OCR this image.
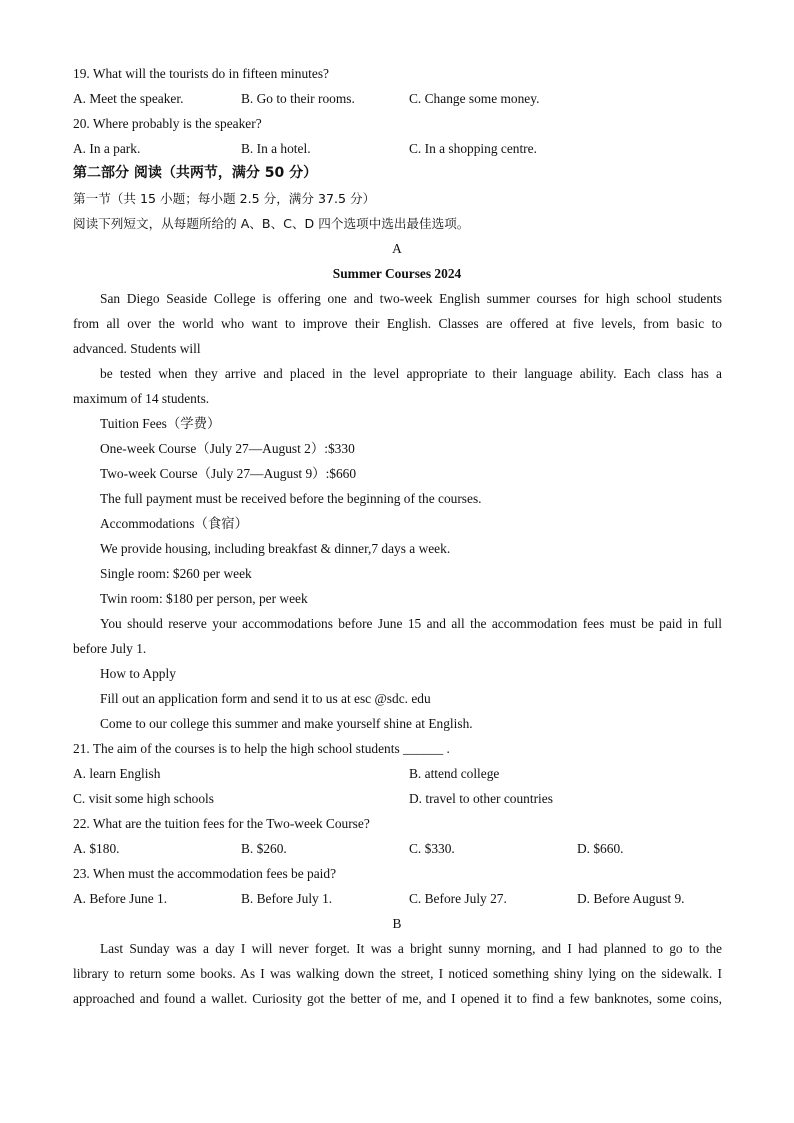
19. What will the tourists do in fifteen minutes?
A. Meet the speaker.	B. Go to their rooms.	C. Change some money.
20. Where probably is the speaker?
A. In a park.	B. In a hotel.	C. In a shopping centre.
第二部分 阅读（共两节，满分 50 分）
第一节（共 15 小题；每小题 2.5 分，满分 37.5 分）
阅读下列短文，从每题所给的 A、B、C、D 四个选项中选出最佳选项。
A
Summer Courses 2024
San Diego Seaside College is offering one and two-week English summer courses for high school students
from all over the world who want to improve their English. Classes are offered at five levels, from basic to
advanced. Students will
be tested when they arrive and placed in the level appropriate to their language ability. Each class has a
maximum of 14 students.
Tuition Fees（学费）
One-week Course（July 27—August 2）:$330
Two-week Course（July 27—August 9）:$660
The full payment must be received before the beginning of the courses.
Accommodations（食宿）
We provide housing, including breakfast & dinner,7 days a week.
Single room: $260 per week
Twin room: $180 per person, per week
You should reserve your accommodations before June 15 and all the accommodation fees must be paid in full
before July 1.
How to Apply
Fill out an application form and send it to us at esc @sdc. edu
Come to our college this summer and make yourself shine at English.
21. The aim of the courses is to help the high school students ______ .
A. learn English	B. attend college
C. visit some high schools	D. travel to other countries
22. What are the tuition fees for the Two-week Course?
A. $180.	B. $260.	C. $330.	D. $660.
23. When must the accommodation fees be paid?
A. Before June 1.	B. Before July 1.	C. Before July 27.	D. Before August 9.
B
Last Sunday was a day I will never forget. It was a bright sunny morning, and I had planned to go to the
library to return some books. As I was walking down the street, I noticed something shiny lying on the sidewalk. I
approached and found a wallet. Curiosity got the better of me, and I opened it to find a few banknotes, some coins,
